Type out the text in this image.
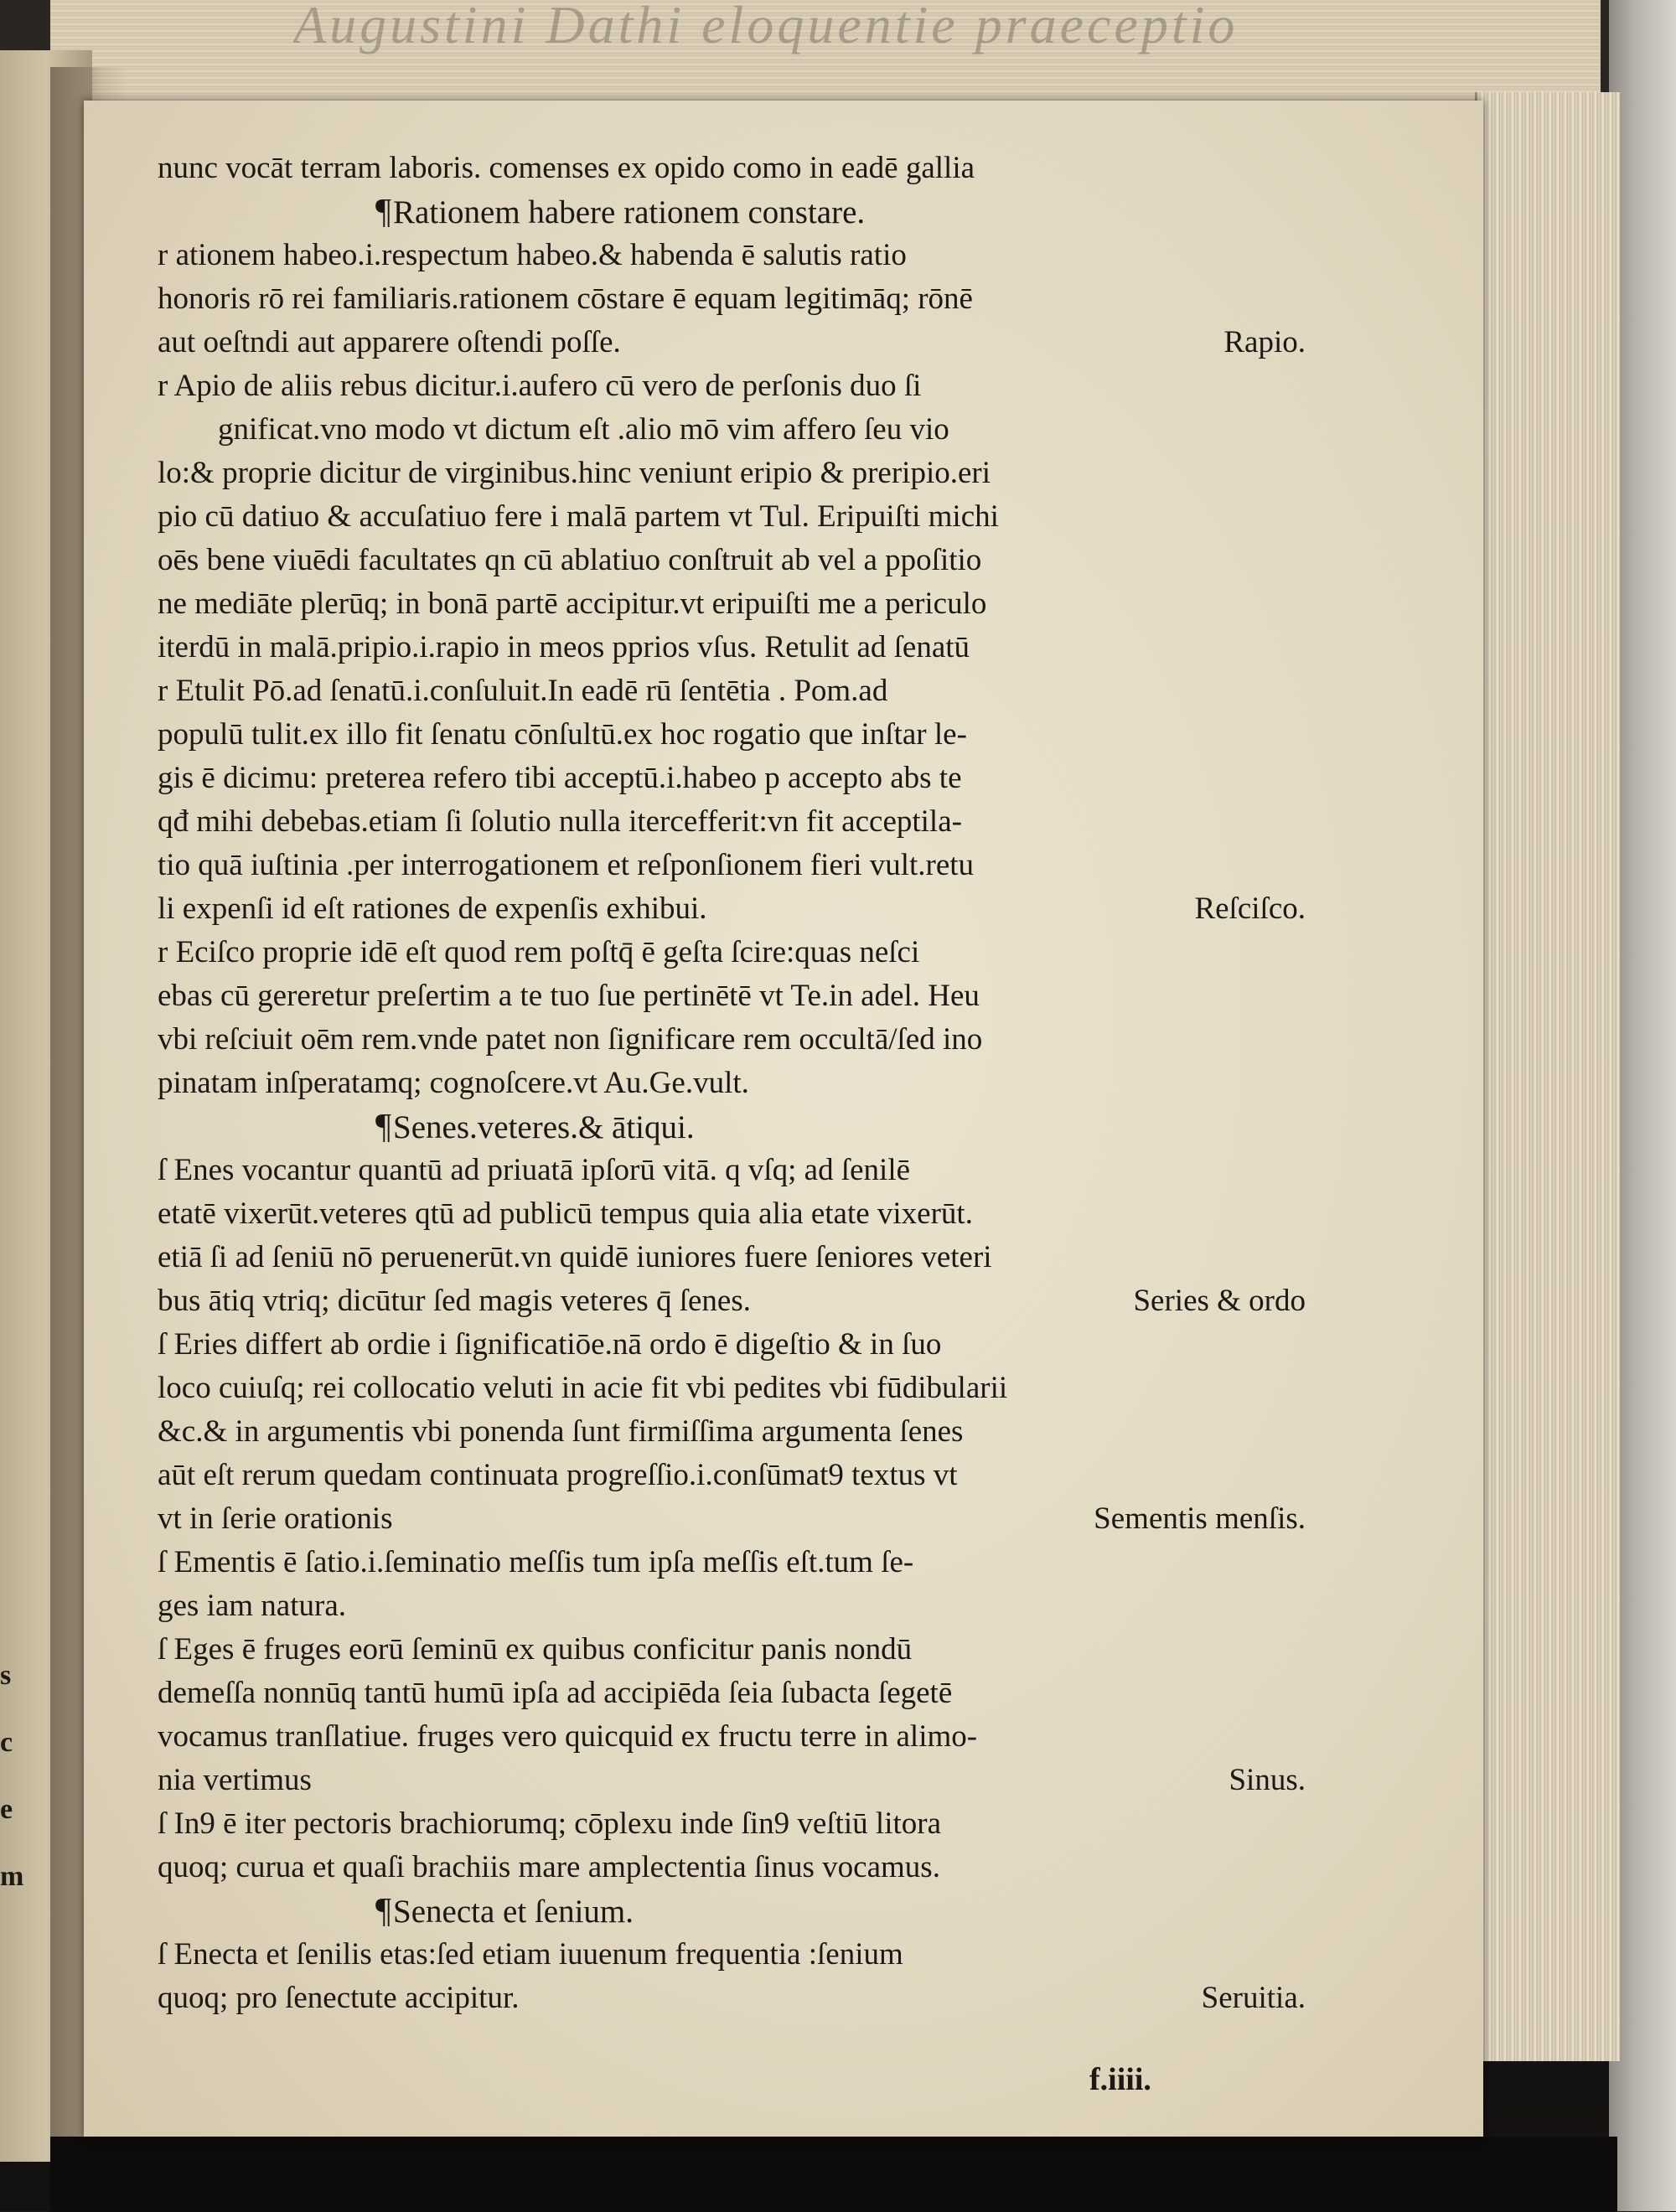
Augustini Dathi eloquentie praeceptio
s
c
e
m
nunc vocāt terram laboris. comenses ex opido como in eadē gallia
¶ Rationem habere rationem constare.
r ationem habeo.i.respectum habeo.& habenda ē salutis ratio
honoris rō rei familiaris.rationem cōstare ē equam legitimāq; rōnē
aut oeſtndi aut apparere oſtendi poſſe.	Rapio.
r Apio de aliis rebus dicitur.i.aufero cū vero de perſonis duo ſi
gnificat.vno modo vt dictum eſt .alio mō vim affero ſeu vio
lo:& proprie dicitur de virginibus.hinc veniunt eripio & preripio.eri
pio cū datiuo & accuſatiuo fere i malā partem vt Tul. Eripuiſti michi
oēs bene viuēdi facultates qn cū ablatiuo conſtruit ab vel a ppoſitio
ne mediāte plerūq; in bonā partē accipitur.vt eripuiſti me a periculo
iterdū in malā.pripio.i.rapio in meos pprios vſus. Retulit ad ſenatū
r Etulit Pō.ad ſenatū.i.conſuluit.In eadē rū ſentētia . Pom.ad
populū tulit.ex illo fit ſenatu cōnſultū.ex hoc rogatio que inſtar le-
gis ē dicimu: preterea refero tibi acceptū.i.habeo p accepto abs te
qđ mihi debebas.etiam ſi ſolutio nulla itercefferit:vn fit acceptila-
tio quā iuſtinia .per interrogationem et reſponſionem fieri vult.retu
li expenſi id eſt rationes de expenſis exhibui.	Reſciſco.
r Eciſco proprie idē eſt quod rem poſtq̄ ē geſta ſcire:quas neſci
ebas cū gereretur preſertim a te tuo ſue pertinētē vt Te.in adel. Heu
vbi reſciuit oēm rem.vnde patet non ſignificare rem occultā/ſed ino
pinatam inſperatamq; cognoſcere.vt Au.Ge.vult.
¶ Senes.veteres.& ātiqui.
ſ Enes vocantur quantū ad priuatā ipſorū vitā. q vſq; ad ſenilē
etatē vixerūt.veteres qtū ad publicū tempus quia alia etate vixerūt.
etiā ſi ad ſeniū nō peruenerūt.vn quidē iuniores fuere ſeniores veteri
bus ātiq vtriq; dicūtur ſed magis veteres q̄ ſenes.	Series & ordo
ſ Eries differt ab ordie i ſignificatiōe.nā ordo ē digeſtio & in ſuo
loco cuiuſq; rei collocatio veluti in acie fit vbi pedites vbi fūdibularii
&c.& in argumentis vbi ponenda ſunt firmiſſima argumenta ſenes
aūt eſt rerum quedam continuata progreſſio.i.conſūmat9 textus vt
vt in ſerie orationis	Sementis menſis.
ſ Ementis ē ſatio.i.ſeminatio meſſis tum ipſa meſſis eſt.tum ſe-
ges iam natura.
ſ Eges ē fruges eorū ſeminū ex quibus conficitur panis nondū
demeſſa nonnūq tantū humū ipſa ad accipiēda ſeia ſubacta ſegetē
vocamus tranſlatiue. fruges vero quicquid ex fructu terre in alimo-
nia vertimus	Sinus.
ſ In9 ē iter pectoris brachiorumq; cōplexu inde ſin9 veſtiū litora
quoq; curua et quaſi brachiis mare amplectentia ſinus vocamus.
¶ Senecta et ſenium.
ſ Enecta et ſenilis etas:ſed etiam iuuenum frequentia :ſenium
quoq; pro ſenectute accipitur.	Seruitia.
f.iiii.
